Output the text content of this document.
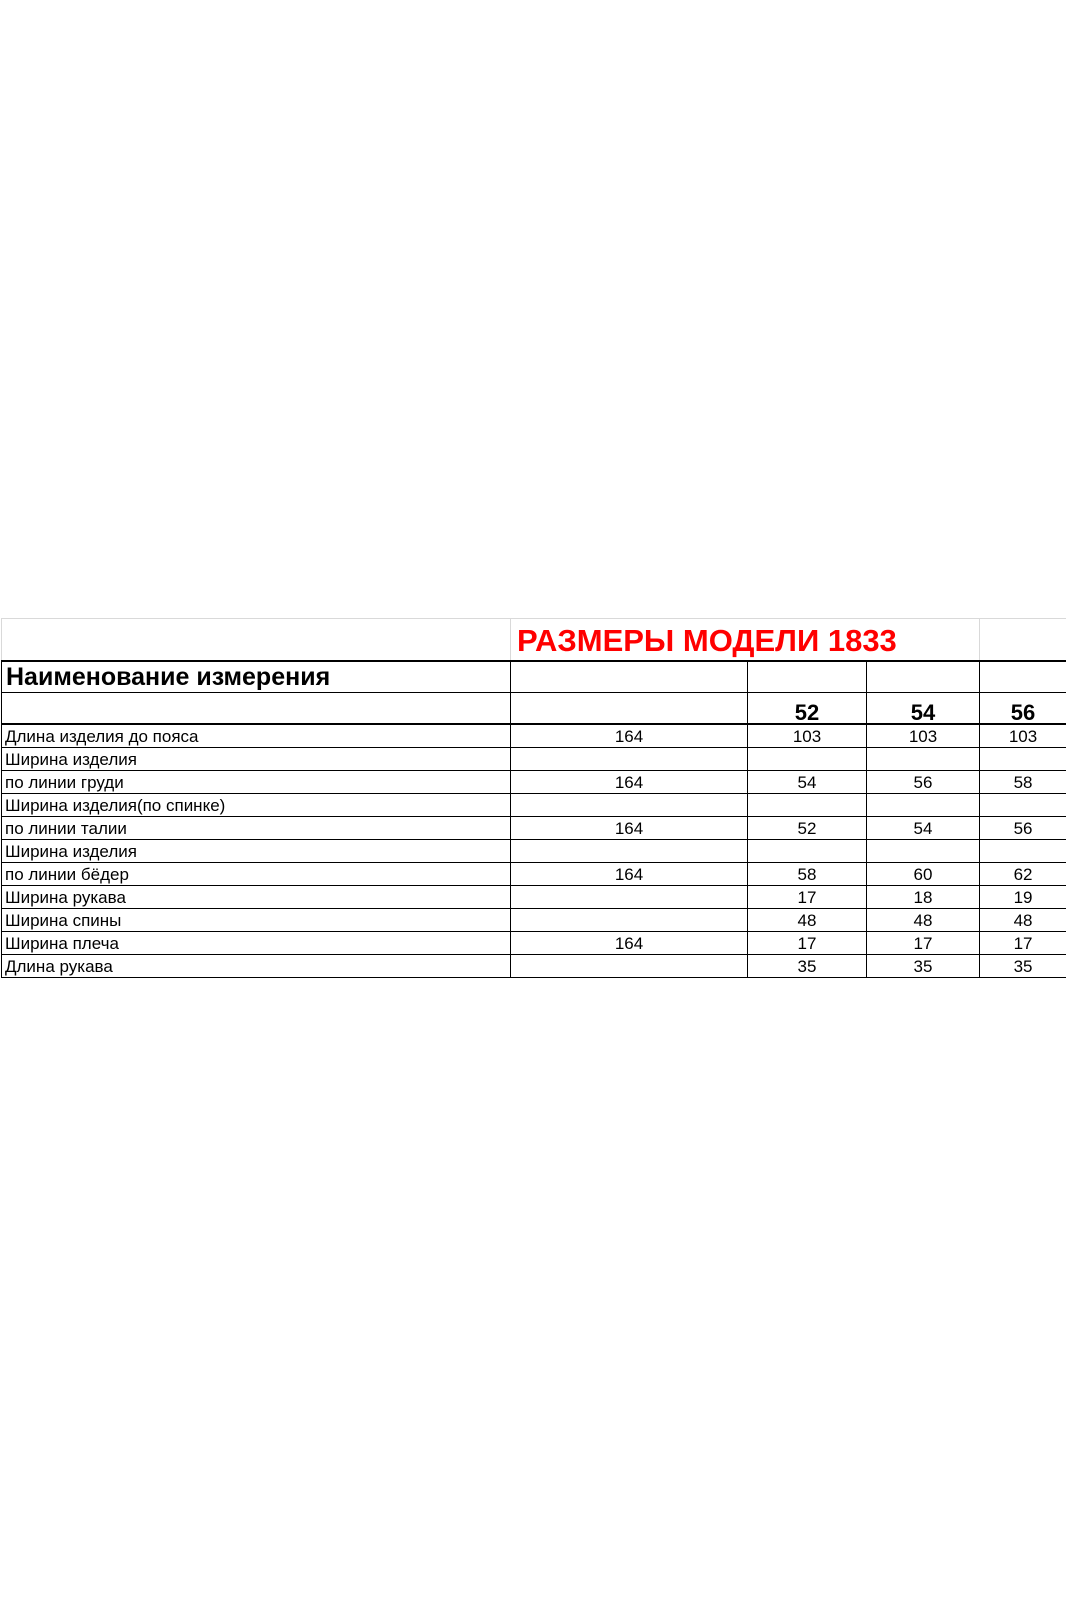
	РАЗМЕРЫ МОДЕЛИ 1833			
Наименование измерения				
		52	54	56
Длина изделия до пояса	164	103	103	103
Ширина изделия				
по линии груди	164	54	56	58
Ширина изделия(по спинке)				
по линии талии	164	52	54	56
Ширина изделия				
по линии бёдер	164	58	60	62
Ширина рукава		17	18	19
Ширина спины		48	48	48
Ширина плеча	164	17	17	17
Длина рукава		35	35	35
